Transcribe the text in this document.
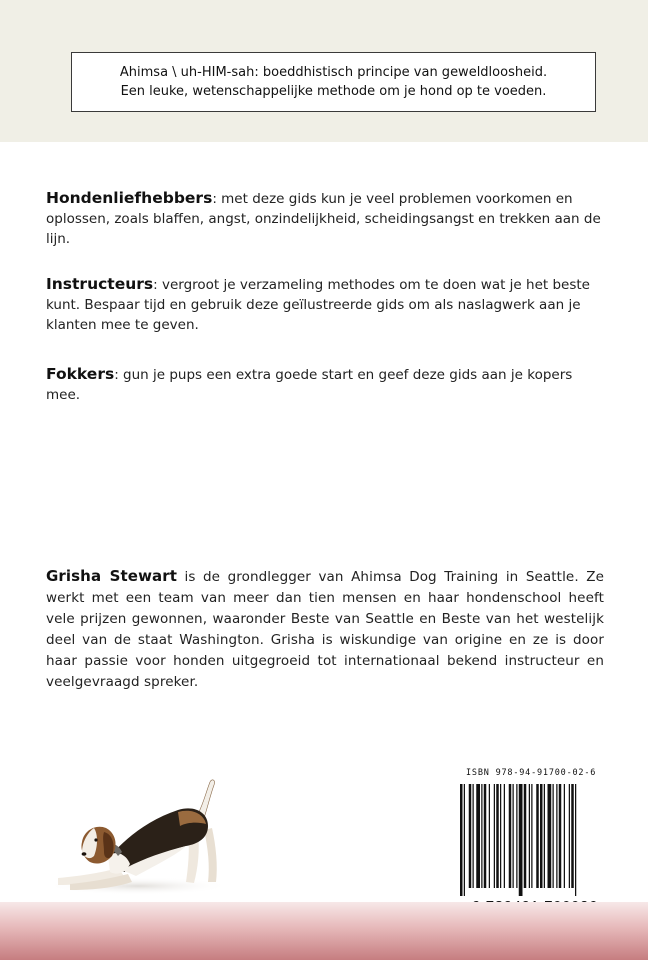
Ahimsa \ uh-HIM-sah: boeddhistisch principe van geweldloosheid.
Een leuke, wetenschappelijke methode om je hond op te voeden.
Hondenliefhebbers: met deze gids kun je veel problemen voorkomen en oplossen, zoals blaffen, angst, onzindelijkheid, scheidingsangst en trekken aan de lijn.
Instructeurs: vergroot je verzameling methodes om te doen wat je het beste kunt. Bespaar tijd en gebruik deze geïlustreerde gids om als naslagwerk aan je klanten mee te geven.
Fokkers: gun je pups een extra goede start en geef deze gids aan je kopers mee.
Grisha Stewart is de grondlegger van Ahimsa Dog Training in Seattle. Ze werkt met een team van meer dan tien mensen en haar hondenschool heeft vele prijzen gewonnen, waaronder Beste van Seattle en Beste van het westelijk deel van de staat Washington. Grisha is wiskundige van origine en ze is door haar passie voor honden uitgegroeid tot internationaal bekend instructeur en veelgevraagd spreker.
ISBN 978-94-91700-02-6
